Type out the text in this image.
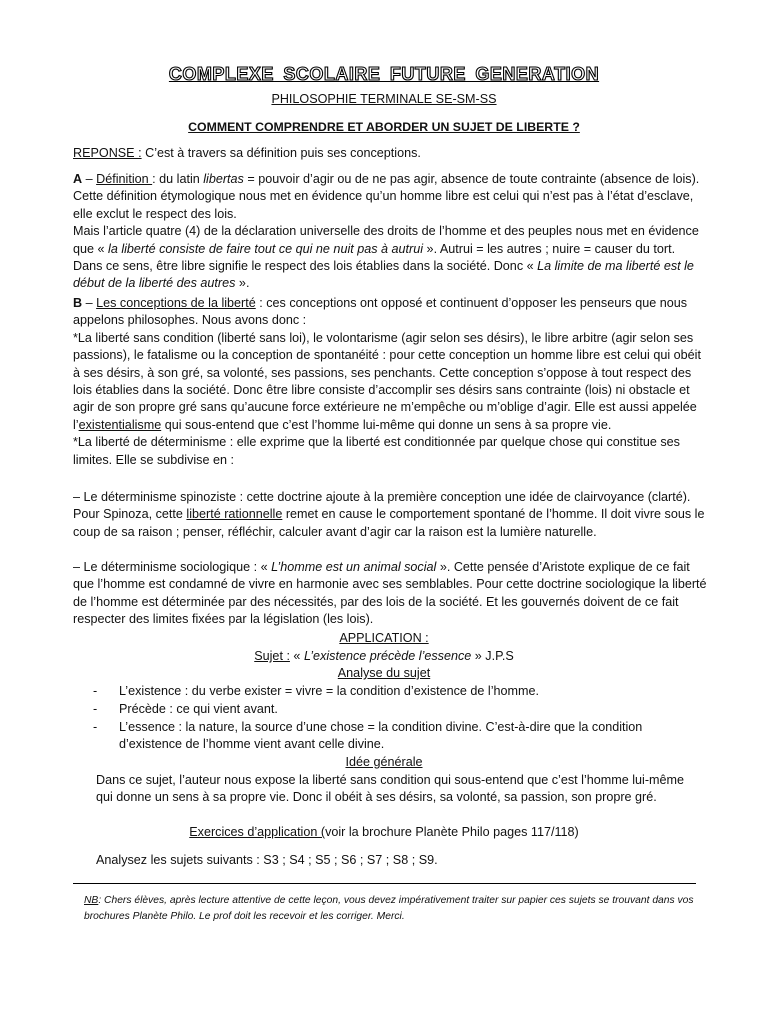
COMPLEXE SCOLAIRE FUTURE GENERATION
PHILOSOPHIE TERMINALE SE-SM-SS
COMMENT COMPRENDRE ET ABORDER UN SUJET DE LIBERTE ?

REPONSE : C’est à travers sa définition puis ses conceptions.

A – Définition : du latin libertas = pouvoir d’agir ou de ne pas agir, absence de toute contrainte (absence de lois). Cette définition étymologique nous met en évidence qu’un homme libre est celui qui n’est pas à l’état d’esclave, elle exclut le respect des lois.
Mais l’article quatre (4) de la déclaration universelle des droits de l’homme et des peuples nous met en évidence que « la liberté consiste de faire tout ce qui ne nuit pas à autrui ». Autrui = les autres ; nuire = causer du tort. Dans ce sens, être libre signifie le respect des lois établies dans la société. Donc « La limite de ma liberté est le début de la liberté des autres ».

B – Les conceptions de la liberté : ces conceptions ont opposé et continuent d’opposer les penseurs que nous appelons philosophes. Nous avons donc :
*La liberté sans condition (liberté sans loi), le volontarisme (agir selon ses désirs), le libre arbitre (agir selon ses passions), le fatalisme ou la conception de spontanéité : pour cette conception un homme libre est celui qui obéit à ses désirs, à son gré, sa volonté, ses passions, ses penchants. Cette conception s’oppose à tout respect des lois établies dans la société. Donc être libre consiste d’accomplir ses désirs sans contrainte (lois) ni obstacle et agir de son propre gré sans qu’aucune force extérieure ne m’empêche ou m’oblige d’agir. Elle est aussi appelée l’existentialisme qui sous-entend que c’est l’homme lui-même qui donne un sens à sa propre vie.
*La liberté de déterminisme : elle exprime que la liberté est conditionnée par quelque chose qui constitue ses limites. Elle se subdivise en :

– Le déterminisme spinoziste : cette doctrine ajoute à la première conception une idée de clairvoyance (clarté). Pour Spinoza, cette liberté rationnelle remet en cause le comportement spontané de l’homme. Il doit vivre sous le coup de sa raison ; penser, réfléchir, calculer avant d’agir car la raison est la lumière naturelle.

– Le déterminisme sociologique : « L’homme est un animal social ». Cette pensée d’Aristote explique de ce fait que l’homme est condamné de vivre en harmonie avec ses semblables. Pour cette doctrine sociologique la liberté de l’homme est déterminée par des nécessités, par des lois de la société. Et les gouvernés doivent de ce fait respecter des limites fixées par la législation (les lois).

APPLICATION :

Sujet : « L’existence précède l’essence » J.P.S

Analyse du sujet

-	L’existence : du verbe exister = vivre = la condition d’existence de l’homme.

-	Précède : ce qui vient avant.

-	L’essence : la nature, la source d’une chose = la condition divine. C’est-à-dire que la condition d’existence de l’homme vient avant celle divine.

Idée générale

Dans ce sujet, l’auteur nous expose la liberté sans condition qui sous-entend que c’est l’homme lui-même qui donne un sens à sa propre vie. Donc il obéit à ses désirs, sa volonté, sa passion, son propre gré.

Exercices d’application (voir la brochure Planète Philo pages 117/118)

Analysez les sujets suivants : S3 ; S4 ; S5 ; S6 ; S7 ; S8 ; S9.

NB: Chers élèves, après lecture attentive de cette leçon, vous devez impérativement traiter sur papier ces sujets se trouvant dans vos brochures Planète Philo. Le prof doit les recevoir et les corriger. Merci.
